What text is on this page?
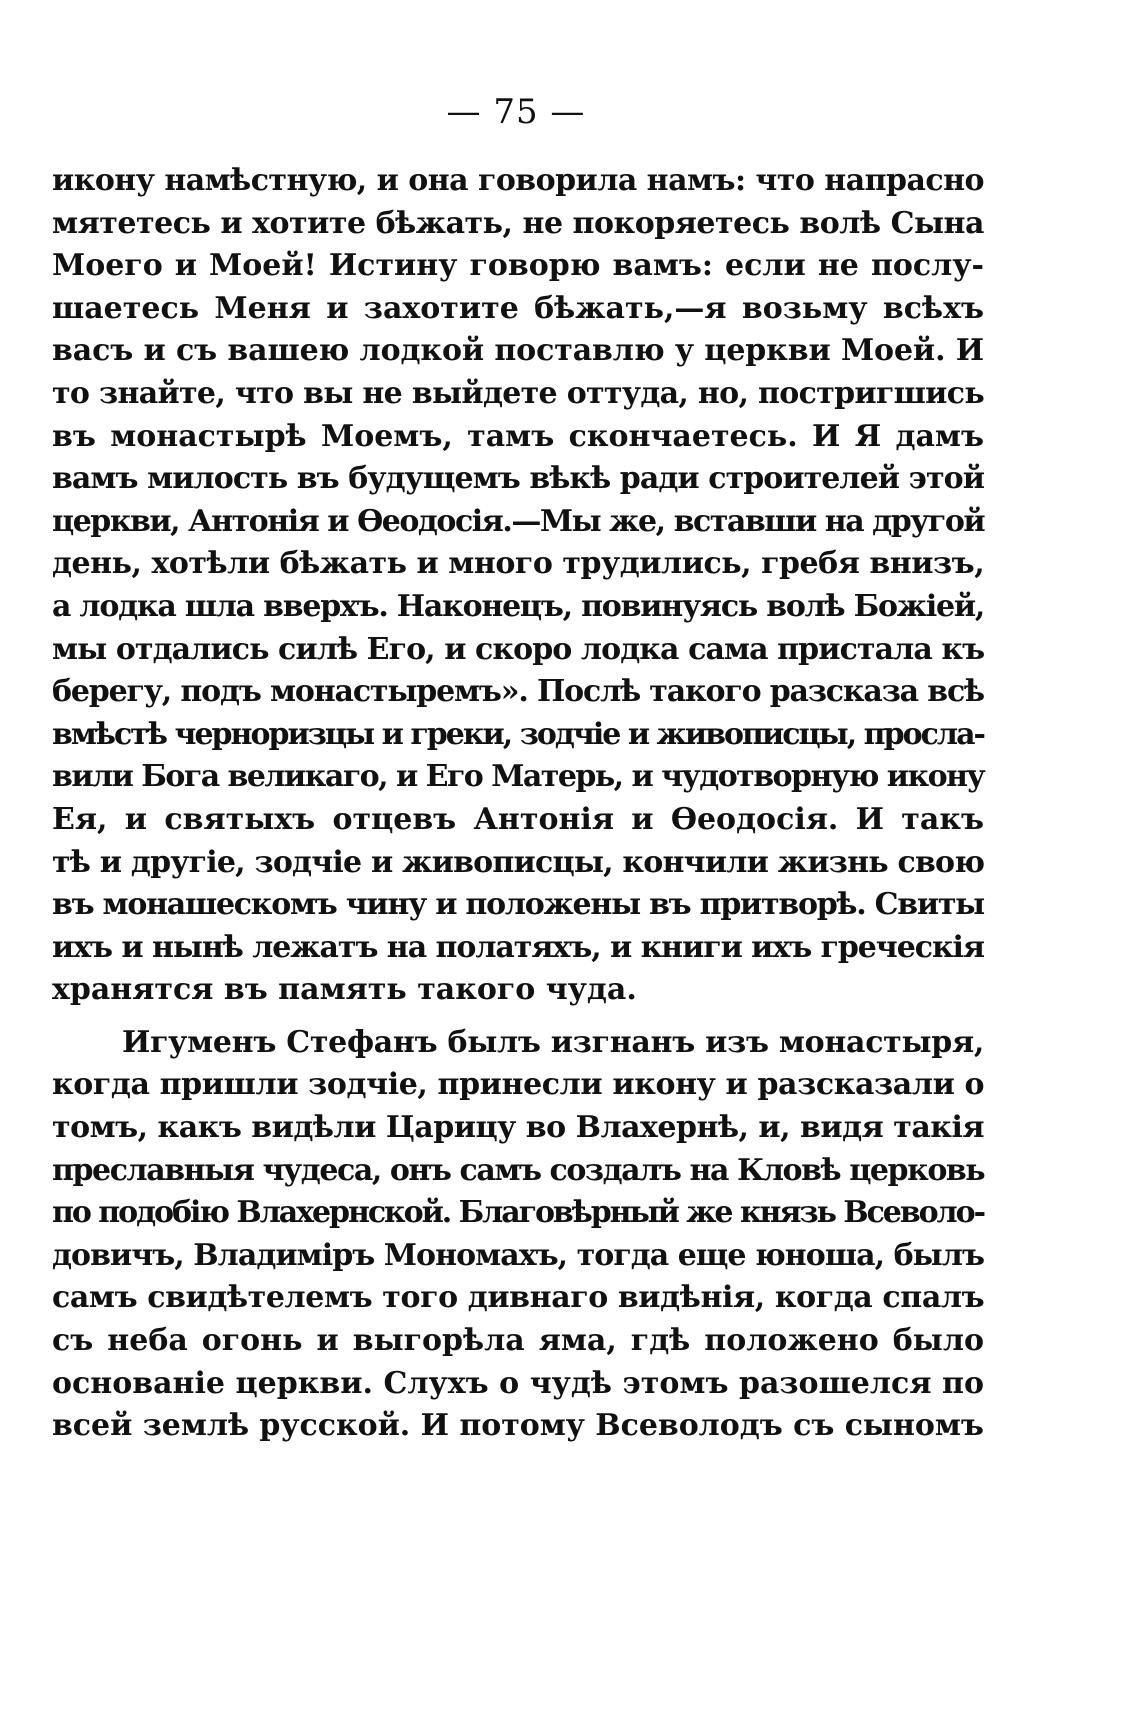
— 75 —
икону намѣстную, и она говорила намъ: что напрасно
мятетесь и хотите бѣжать, не покоряетесь волѣ Сына
Моего и Моей! Истину говорю вамъ: если не послу-
шаетесь Меня и захотите бѣжать,—я возьму всѣхъ
васъ и съ вашею лодкой поставлю у церкви Моей. И
то знайте, что вы не выйдете оттуда, но, постригшись
въ монастырѣ Моемъ, тамъ скончаетесь. И Я дамъ
вамъ милость въ будущемъ вѣкѣ ради строителей этой
церкви, Антонія и Ѳеодосія.—Мы же, вставши на другой
день, хотѣли бѣжать и много трудились, гребя внизъ,
а лодка шла вверхъ. Наконецъ, повинуясь волѣ Божіей,
мы отдались силѣ Его, и скоро лодка сама пристала къ
берегу, подъ монастыремъ». Послѣ такого разсказа всѣ
вмѣстѣ черноризцы и греки, зодчіе и живописцы, просла-
вили Бога великаго, и Его Матерь, и чудотворную икону
Ея, и святыхъ отцевъ Антонія и Ѳеодосія. И такъ
тѣ и другіе, зодчіе и живописцы, кончили жизнь свою
въ монашескомъ чину и положены въ притворѣ. Свиты
ихъ и нынѣ лежатъ на полатяхъ, и книги ихъ греческія
хранятся въ память такого чуда.
Игуменъ Стефанъ былъ изгнанъ изъ монастыря,
когда пришли зодчіе, принесли икону и разсказали о
томъ, какъ видѣли Царицу во Влахернѣ, и, видя такія
преславныя чудеса, онъ самъ создалъ на Кловѣ церковь
по подобію Влахернской. Благовѣрный же князь Всеволо-
довичъ, Владиміръ Мономахъ, тогда еще юноша, былъ
самъ свидѣтелемъ того дивнаго видѣнія, когда спалъ
съ неба огонь и выгорѣла яма, гдѣ положено было
основаніе церкви. Слухъ о чудѣ этомъ разошелся по
всей землѣ русской. И потому Всеволодъ съ сыномъ
